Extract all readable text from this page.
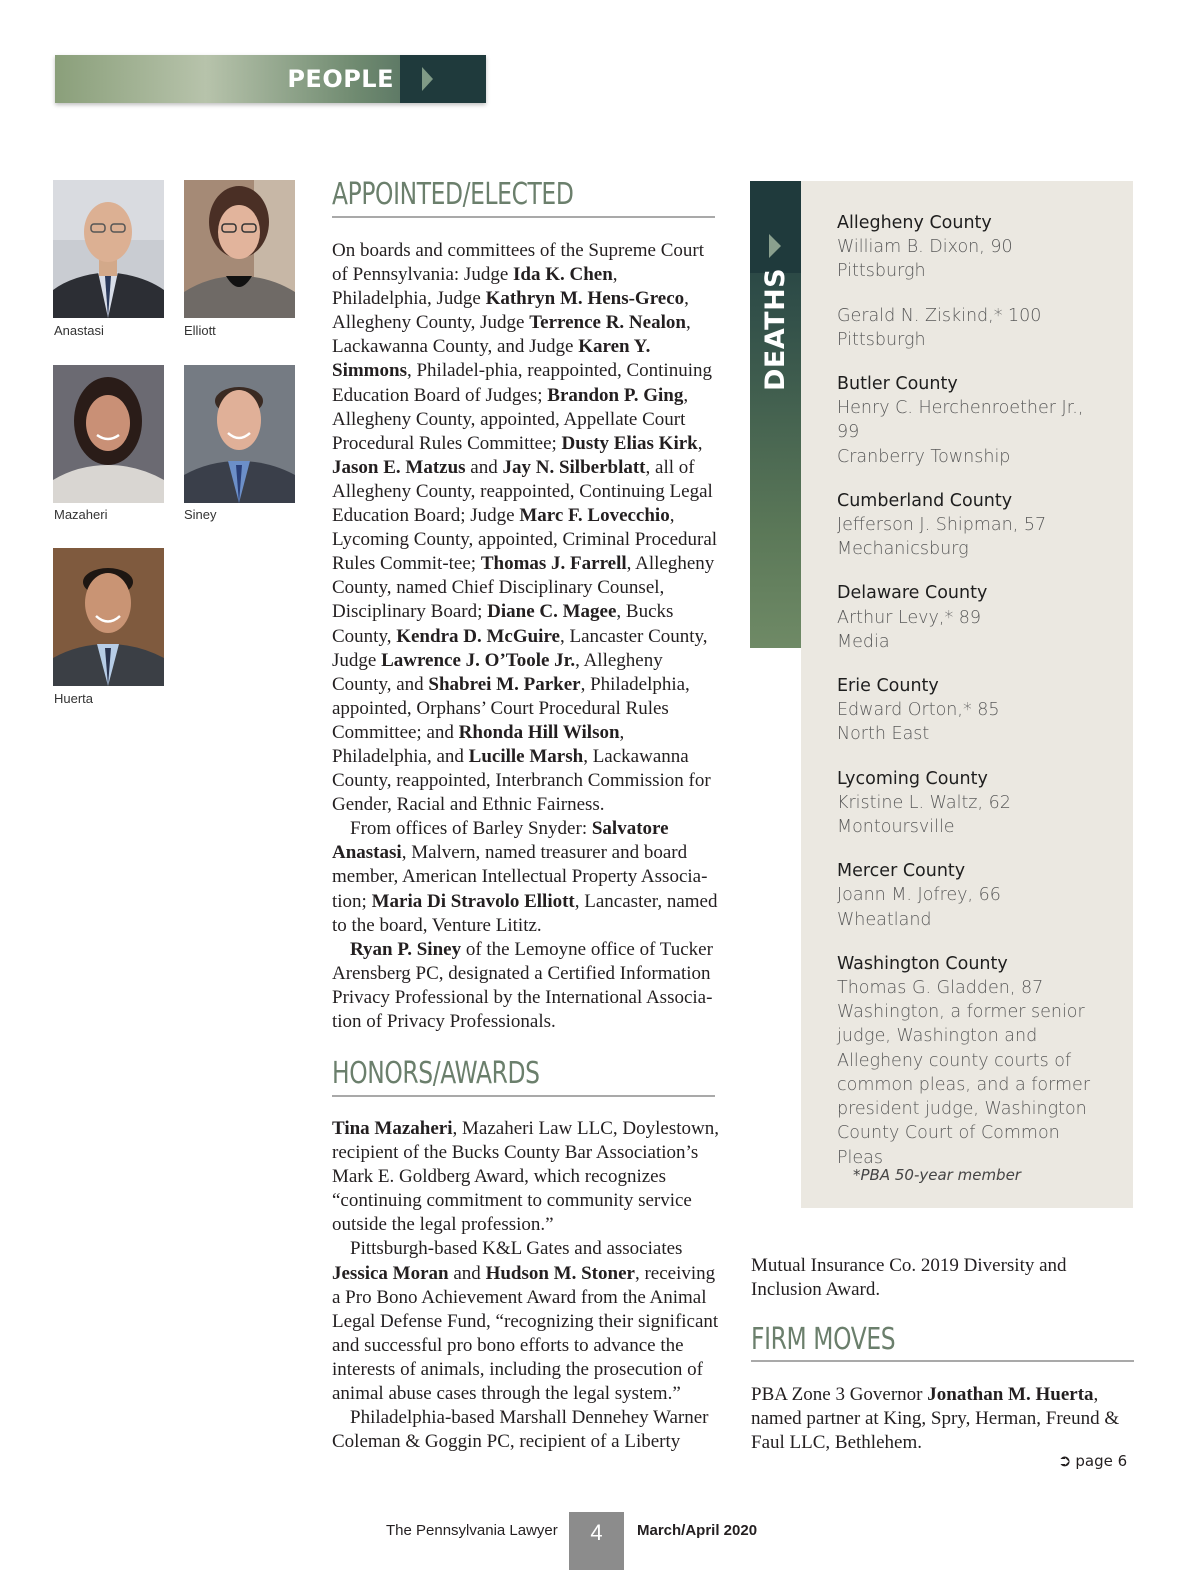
PEOPLE
Anastasi	Elliott
Mazaheri	Siney
Huerta
APPOINTED/ELECTED

On boards and committees of the Supreme Court of Pennsylvania: Judge Ida K. Chen, Philadelphia, Judge Kathryn M. Hens-Greco, Allegheny County, Judge Terrence R. Nealon, Lackawanna County, and Judge Karen Y. Simmons, Philadel-phia, reappointed, Continuing Education Board of Judges; Brandon P. Ging, Allegheny County, appointed, Appellate Court Procedural Rules Committee; Dusty Elias Kirk, Jason E. Matzus and Jay N. Silberblatt, all of Allegheny County, reappointed, Continuing Legal Education Board; Judge Marc F. Lovecchio, Lycoming County, appointed, Criminal Procedural Rules Commit-tee; Thomas J. Farrell, Allegheny County, named Chief Disciplinary Counsel, Disciplinary Board; Diane C. Magee, Bucks County, Kendra D. McGuire, Lancaster County, Judge Lawrence J. O’Toole Jr., Allegheny County, and Shabrei M. Parker, Philadelphia, appointed, Orphans’ Court Procedural Rules Committee; and Rhonda Hill Wilson, Philadelphia, and Lucille Marsh, Lackawanna County, reappointed, Interbranch Commission for Gender, Racial and Ethnic Fairness.

From offices of Barley Snyder: Salvatore Anastasi, Malvern, named treasurer and board member, American Intellectual Property Associa-tion; Maria Di Stravolo Elliott, Lancaster, named to the board, Venture Lititz.

Ryan P. Siney of the Lemoyne office of Tucker Arensberg PC, designated a Certified Information Privacy Professional by the International Associa-tion of Privacy Professionals.

HONORS/AWARDS

Tina Mazaheri, Mazaheri Law LLC, Doylestown, recipient of the Bucks County Bar Association’s Mark E. Goldberg Award, which recognizes “continuing commitment to community service outside the legal profession.”

Pittsburgh-based K&L Gates and associates Jessica Moran and Hudson M. Stoner, receiving a Pro Bono Achievement Award from the Animal Legal Defense Fund, “recognizing their significant and successful pro bono efforts to advance the interests of animals, including the prosecution of animal abuse cases through the legal system.”

Philadelphia-based Marshall Dennehey Warner Coleman & Goggin PC, recipient of a Liberty

DEATHS
Allegheny County
William B. Dixon, 90
Pittsburgh
Gerald N. Ziskind,* 100
Pittsburgh
Butler County
Henry C. Herchenroether Jr., 99
Cranberry Township
Cumberland County
Jefferson J. Shipman, 57
Mechanicsburg
Delaware County
Arthur Levy,* 89
Media
Erie County
Edward Orton,* 85
North East
Lycoming County
Kristine L. Waltz, 62
Montoursville
Mercer County
Joann M. Jofrey, 66
Wheatland
Washington County
Thomas G. Gladden, 87
Washington, a former senior judge, Washington and Allegheny county courts of common pleas, and a former president judge, Washington County Court of Common Pleas
*PBA 50-year member

Mutual Insurance Co. 2019 Diversity and Inclusion Award.

FIRM MOVES

PBA Zone 3 Governor Jonathan M. Huerta, named partner at King, Spry, Herman, Freund & Faul LLC, Bethlehem.

➲ page 6
The Pennsylvania Lawyer	4	March/April 2020
